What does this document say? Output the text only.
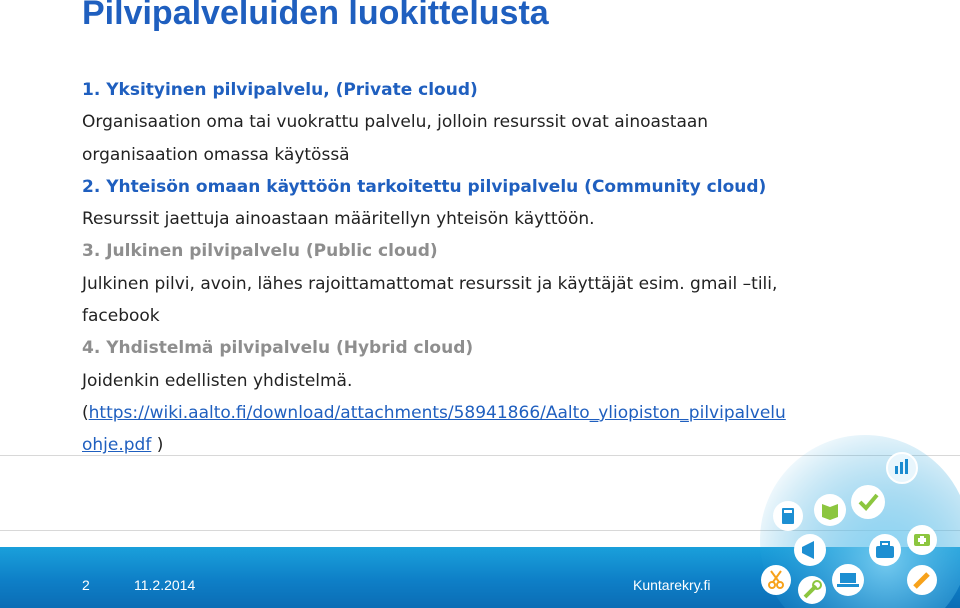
Pilvipalveluiden luokittelusta
1. Yksityinen pilvipalvelu, (Private cloud)
Organisaation oma tai vuokrattu palvelu, jolloin resurssit ovat ainoastaan
organisaation omassa käytössä
2. Yhteisön omaan käyttöön tarkoitettu pilvipalvelu (Community cloud)
Resurssit jaettuja ainoastaan määritellyn yhteisön käyttöön.
3. Julkinen pilvipalvelu (Public cloud)
Julkinen pilvi, avoin, lähes rajoittamattomat resurssit ja käyttäjät esim. gmail –tili,
facebook
4. Yhdistelmä pilvipalvelu (Hybrid cloud)
Joidenkin edellisten yhdistelmä.
(https://wiki.aalto.fi/download/attachments/58941866/Aalto_yliopiston_pilvipalvelu
ohje.pdf )
2	11.2.2014	Kuntarekry.fi
